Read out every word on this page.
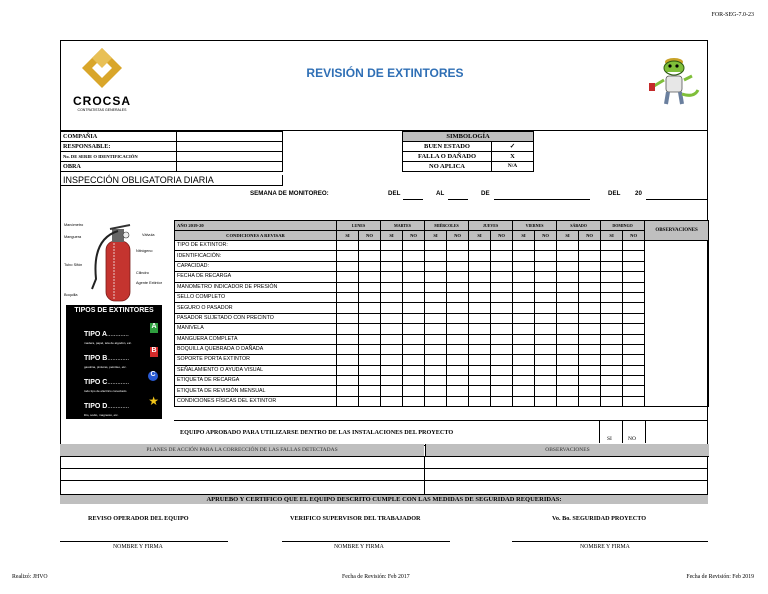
FOR-SEG-7.0-23
CROCSA
CONTRATISTAS GENERALES
REVISIÓN DE EXTINTORES
COMPAÑIA	
RESPONSABLE:	
No. DE SERIE O IDENTIFICACIÓN	
OBRA	
INSPECCIÓN OBLIGATORIA DIARIA
SIMBOLOGÍA	
BUEN ESTADO	✓
FALLA O DAÑADO	X
NO APLICA	N/A
SEMANA DE MONITOREO:	DEL	AL	DE	DEL 20
Manómetro
Válvula
Manguera
Nitrógeno
Tubo Sifón
Cilindro
Agente Extintor
Boquilla
TIPOS DE EXTINTORES
TIPO A.............
madera, papel, tela de algodón, etc.
A
TIPO B.............
gasolina, pinturas, petróleo, etc.
B
TIPO C.............
todo tipo de eléctrico conectado
C
TIPO D.............
litio, sodio, magnesio, etc.
★
AÑO 2019-20	LUNES		MARTES		MIÉRCOLES		JUEVES		VIERNES		SÁBADO		DOMINGO		OBSERVACIONES
CONDICIONES A REVISAR	SI	NO	SI	NO	SI	NO	SI	NO	SI	NO	SI	NO	SI	NO	
TIPO DE EXTINTOR:															
IDENTIFICACIÓN:															
CAPACIDAD:															
FECHA DE RECARGA															
MANOMETRO INDICADOR DE PRESIÓN															
SELLO COMPLETO															
SEGURO O PASADOR															
PASADOR SUJETADO CON PRECINTO															
MANIVELA															
MANGUERA COMPLETA															
BOQUILLA QUEBRADA O DAÑADA															
SOPORTE PORTA EXTINTOR															
SEÑALAMIENTO O AYUDA VISUAL															
ETIQUETA DE RECARGA															
ETIQUETA DE REVISIÓN MENSUAL															
CONDICIONES FÍSICAS DEL EXTINTOR															
EQUIPO APROBADO PARA UTILIZARSE DENTRO DE LAS INSTALACIONES DEL PROYECTO
SI	NO
PLANES DE ACCIÓN PARA LA CORRECCIÓN DE LAS FALLAS DETECTADAS	OBSERVACIONES
APRUEBO Y CERTIFICO QUE EL EQUIPO DESCRITO CUMPLE CON LAS MEDIDAS DE SEGURIDAD REQUERIDAS:
REVISO OPERADOR DEL EQUIPO	VERIFICO SUPERVISOR DEL TRABAJADOR	Vo. Bo. SEGURIDAD PROYECTO
NOMBRE Y FIRMA	NOMBRE Y FIRMA	NOMBRE Y FIRMA
Realizó: JHVO	Fecha de Revisión: Feb 2017	Fecha de Revisión: Feb 2019
